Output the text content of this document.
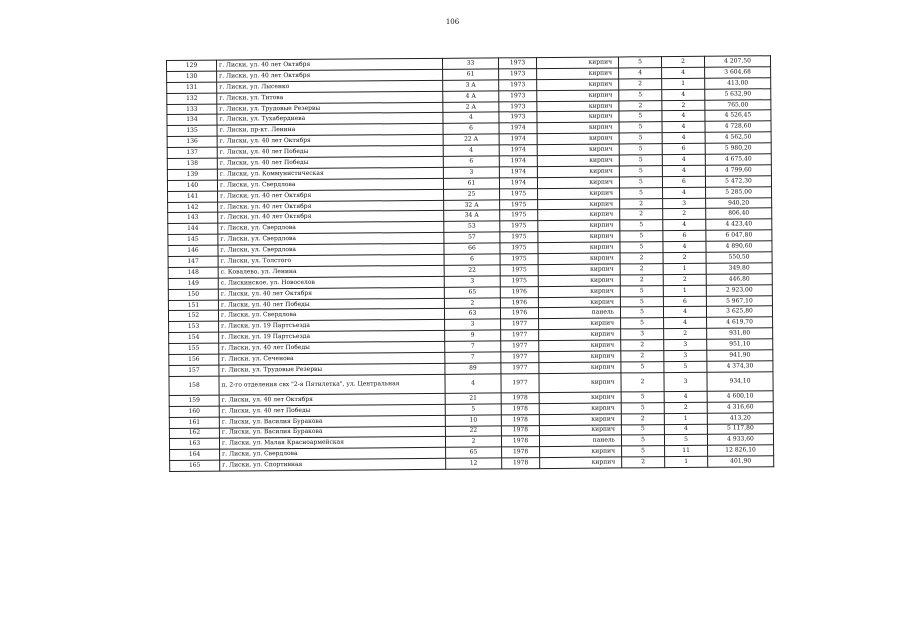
106
129	г. Лиски, ул. 40 лет Октября	33	1973	кирпич	5	2	4 207,50
130	г. Лиски, ул. 40 лет Октября	61	1973	кирпич	4	4	3 604,68
131	г. Лиски, ул. Лысенко	3 А	1973	кирпич	2	1	413,00
132	г. Лиски, ул. Титова	4 А	1973	кирпич	5	4	5 632,90
133	г. Лиски, ул. Трудовые Резервы	2 А	1973	кирпич	2	2	765,00
134	г. Лиски, ул. Тухабердиева	4	1973	кирпич	5	4	4 526,45
135	г. Лиски, пр-кт. Ленина	6	1974	кирпич	5	4	4 728,60
136	г. Лиски, ул. 40 лет Октября	22 А	1974	кирпич	5	4	4 562,50
137	г. Лиски, ул. 40 лет Победы	4	1974	кирпич	5	6	5 980,20
138	г. Лиски, ул. 40 лет Победы	6	1974	кирпич	5	4	4 675,40
139	г. Лиски, ул. Коммунистическая	3	1974	кирпич	5	4	4 799,60
140	г. Лиски, ул. Свердлова	61	1974	кирпич	5	6	5 472,30
141	г. Лиски, ул. 40 лет Октября	25	1975	кирпич	5	4	5 285,00
142	г. Лиски, ул. 40 лет Октября	32 А	1975	кирпич	2	3	940,20
143	г. Лиски, ул. 40 лет Октября	34 А	1975	кирпич	2	2	806,40
144	г. Лиски, ул. Свердлова	53	1975	кирпич	5	4	4 423,40
145	г. Лиски, ул. Свердлова	57	1975	кирпич	5	6	6 047,80
146	г. Лиски, ул. Свердлова	66	1975	кирпич	5	4	4 890,60
147	г. Лиски, ул. Толстого	6	1975	кирпич	2	2	550,50
148	с. Ковалево, ул. Ленина	22	1975	кирпич	2	1	349,80
149	с. Лискинское, ул. Новоселов	3	1975	кирпич	2	2	446,80
150	г. Лиски, ул. 40 лет Октября	65	1976	кирпич	5	1	2 923,00
151	г. Лиски, ул. 40 лет Победы	2	1976	кирпич	5	6	5 967,10
152	г. Лиски, ул. Свердлова	63	1976	панель	5	4	3 625,80
153	г. Лиски, ул. 19 Партсъезда	3	1977	кирпич	5	4	4 619,70
154	г. Лиски, ул. 19 Партсъезда	9	1977	кирпич	3	2	931,80
155	г. Лиски, ул. 40 лет Победы	7	1977	кирпич	2	3	951,10
156	г. Лиски, ул. Сеченова	7	1977	кирпич	2	3	941,90
157	г. Лиски, ул. Трудовые Резервы	89	1977	кирпич	5	5	4 374,30
158	п. 2-го отделения свх "2-я Пятилетка", ул. Центральная	4	1977	кирпич	2	3	934,10
159	г. Лиски, ул. 40 лет Октября	21	1978	кирпич	5	4	4 600,10
160	г. Лиски, ул. 40 лет Победы	5	1978	кирпич	5	2	4 316,60
161	г. Лиски, ул. Василия Буракова	10	1978	кирпич	2	1	413,20
162	г. Лиски, ул. Василия Буракова	22	1978	кирпич	5	4	5 117,80
163	г. Лиски, ул. Малая Красноармейская	2	1978	панель	5	5	4 933,60
164	г. Лиски, ул. Свердлова	65	1978	кирпич	5	11	12 826,10
165	г. Лиски, ул. Спортивная	12	1978	кирпич	2	1	401,90
